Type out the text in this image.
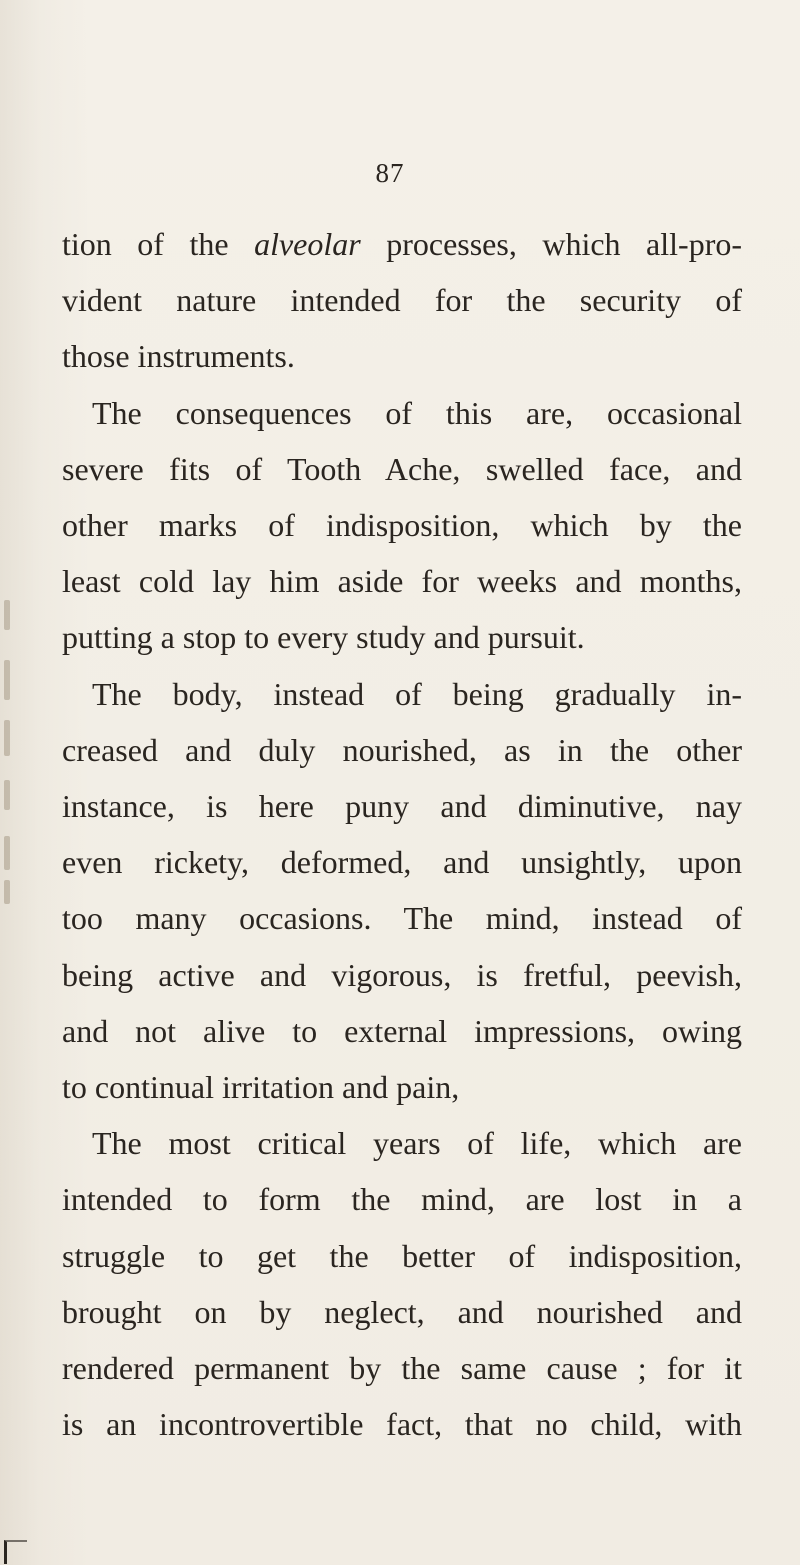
87
tion of the alveolar processes, which all-pro-
vident nature intended for the security of
those instruments.
The consequences of this are, occasional
severe fits of Tooth Ache, swelled face, and
other marks of indisposition, which by the
least cold lay him aside for weeks and months,
putting a stop to every study and pursuit.
The body, instead of being gradually in-
creased and duly nourished, as in the other
instance, is here puny and diminutive, nay
even rickety, deformed, and unsightly, upon
too many occasions. The mind, instead of
being active and vigorous, is fretful, peevish,
and not alive to external impressions, owing
to continual irritation and pain,
The most critical years of life, which are
intended to form the mind, are lost in a
struggle to get the better of indisposition,
brought on by neglect, and nourished and
rendered permanent by the same cause ; for it
is an incontrovertible fact, that no child, with
